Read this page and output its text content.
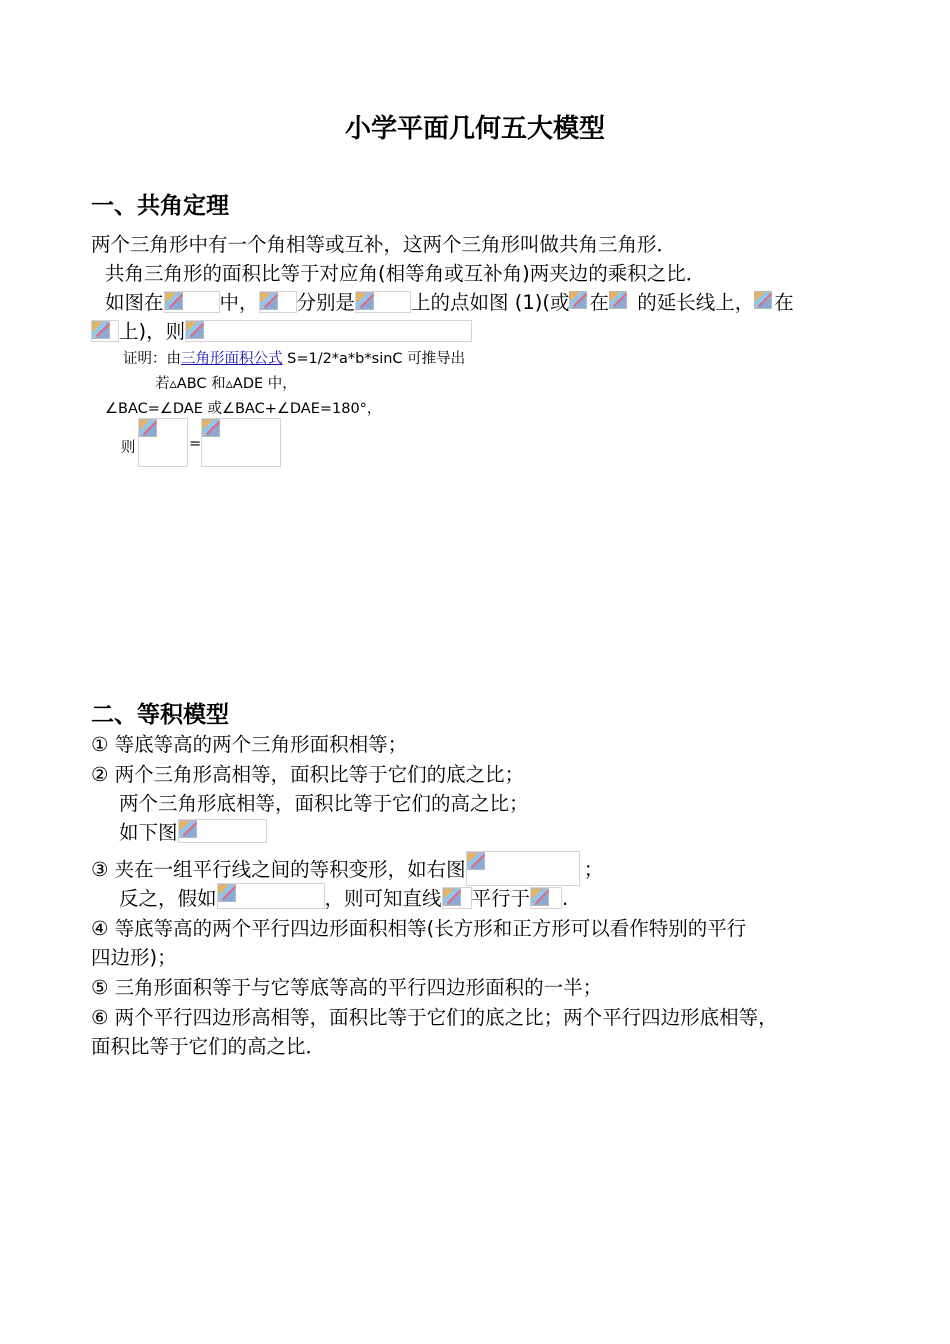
小学平面几何五大模型
一、共角定理
两个三角形中有一个角相等或互补，这两个三角形叫做共角三角形．
共角三角形的面积比等于对应角(相等角或互补角)两夹边的乘积之比．
如图在	中， 分别是	上的点如图 (1)(或 在
的延长线上， 在
上)，则
证明：由三角形面积公式 S=1/2*a*b*sinC 可推导出
若▵ABC 和▵ADE 中，
∠BAC=∠DAE 或∠BAC+∠DAE=180°，
则	=
二、等积模型
① 等底等高的两个三角形面积相等；
② 两个三角形高相等，面积比等于它们的底之比；
两个三角形底相等，面积比等于它们的高之比；
如下图
③ 夹在一组平行线之间的等积变形，如右图	；
反之，假如	，则可知直线 平行于 .
④ 等底等高的两个平行四边形面积相等(长方形和正方形可以看作特别的平行
四边形)；
⑤ 三角形面积等于与它等底等高的平行四边形面积的一半；
⑥ 两个平行四边形高相等，面积比等于它们的底之比；两个平行四边形底相等，
面积比等于它们的高之比．
